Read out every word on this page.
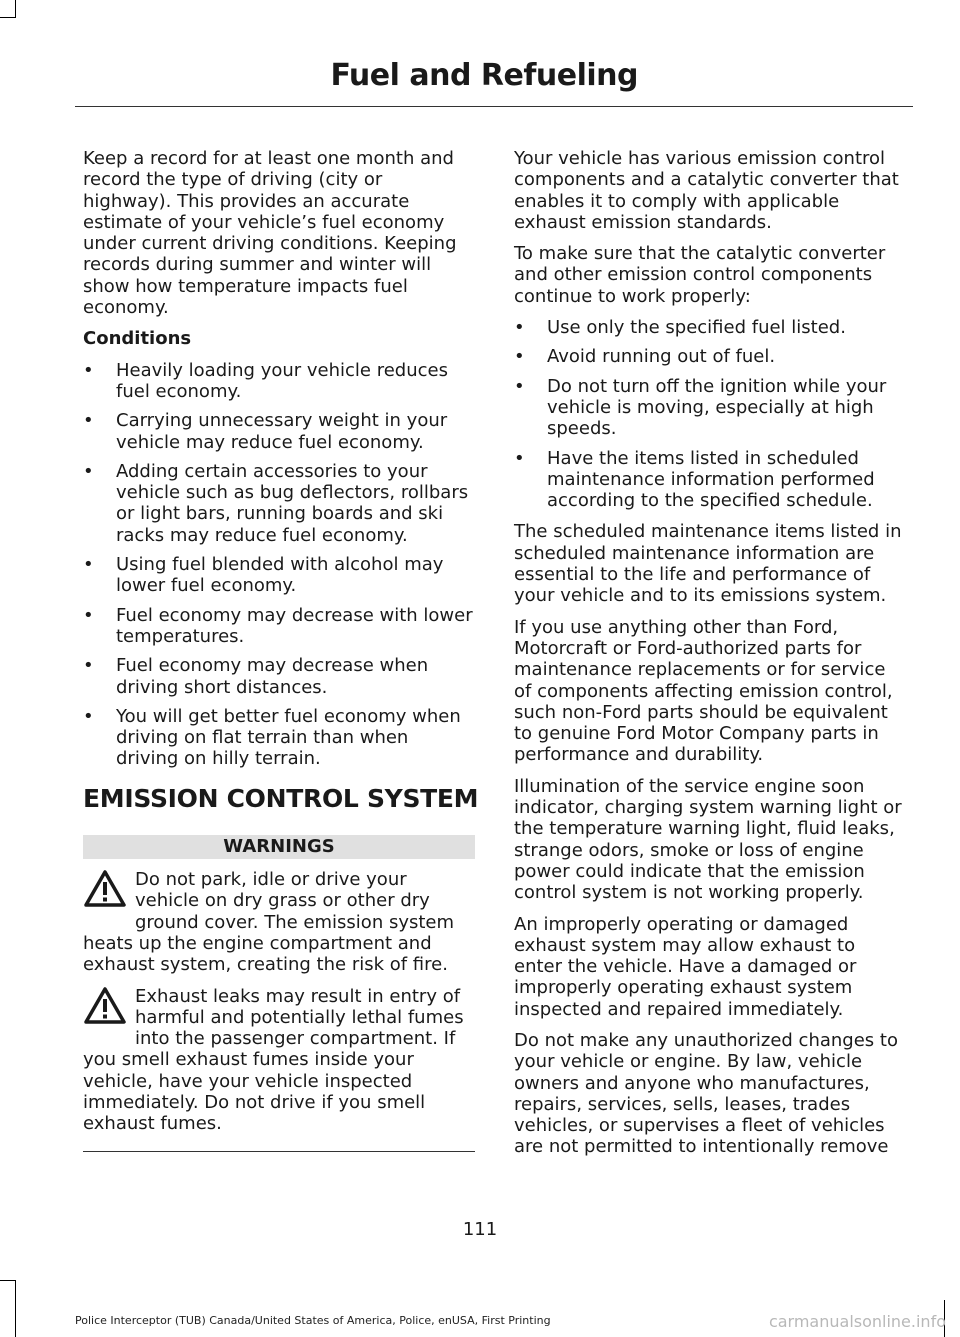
Fuel and Refueling

Keep a record for at least one month and record the type of driving (city or highway). This provides an accurate estimate of your vehicle’s fuel economy under current driving conditions. Keeping records during summer and winter will show how temperature impacts fuel economy.

Conditions
•	Heavily loading your vehicle reduces fuel economy.
•	Carrying unnecessary weight in your vehicle may reduce fuel economy.
•	Adding certain accessories to your vehicle such as bug deflectors, rollbars or light bars, running boards and ski racks may reduce fuel economy.
•	Using fuel blended with alcohol may lower fuel economy.
•	Fuel economy may decrease with lower temperatures.
•	Fuel economy may decrease when driving short distances.
•	You will get better fuel economy when driving on flat terrain than when driving on hilly terrain.
EMISSION CONTROL SYSTEM
WARNINGS
Do not park, idle or drive your vehicle on dry grass or other dry ground cover. The emission system heats up the engine compartment and exhaust system, creating the risk of fire.
Exhaust leaks may result in entry of harmful and potentially lethal fumes into the passenger compartment. If you smell exhaust fumes inside your vehicle, have your vehicle inspected immediately. Do not drive if you smell exhaust fumes.

Your vehicle has various emission control components and a catalytic converter that enables it to comply with applicable exhaust emission standards.

To make sure that the catalytic converter and other emission control components continue to work properly:

•	Use only the specified fuel listed.
•	Avoid running out of fuel.
•	Do not turn off the ignition while your vehicle is moving, especially at high speeds.
•	Have the items listed in scheduled maintenance information performed according to the specified schedule.

The scheduled maintenance items listed in scheduled maintenance information are essential to the life and performance of your vehicle and to its emissions system.

If you use anything other than Ford, Motorcraft or Ford-authorized parts for maintenance replacements or for service of components affecting emission control, such non-Ford parts should be equivalent to genuine Ford Motor Company parts in performance and durability.

Illumination of the service engine soon indicator, charging system warning light or the temperature warning light, fluid leaks, strange odors, smoke or loss of engine power could indicate that the emission control system is not working properly.

An improperly operating or damaged exhaust system may allow exhaust to enter the vehicle. Have a damaged or improperly operating exhaust system inspected and repaired immediately.

Do not make any unauthorized changes to your vehicle or engine. By law, vehicle owners and anyone who manufactures, repairs, services, sells, leases, trades vehicles, or supervises a fleet of vehicles are not permitted to intentionally remove

111
Police Interceptor (TUB) Canada/United States of America, Police, enUSA, First Printing	carmanualsonline.info
